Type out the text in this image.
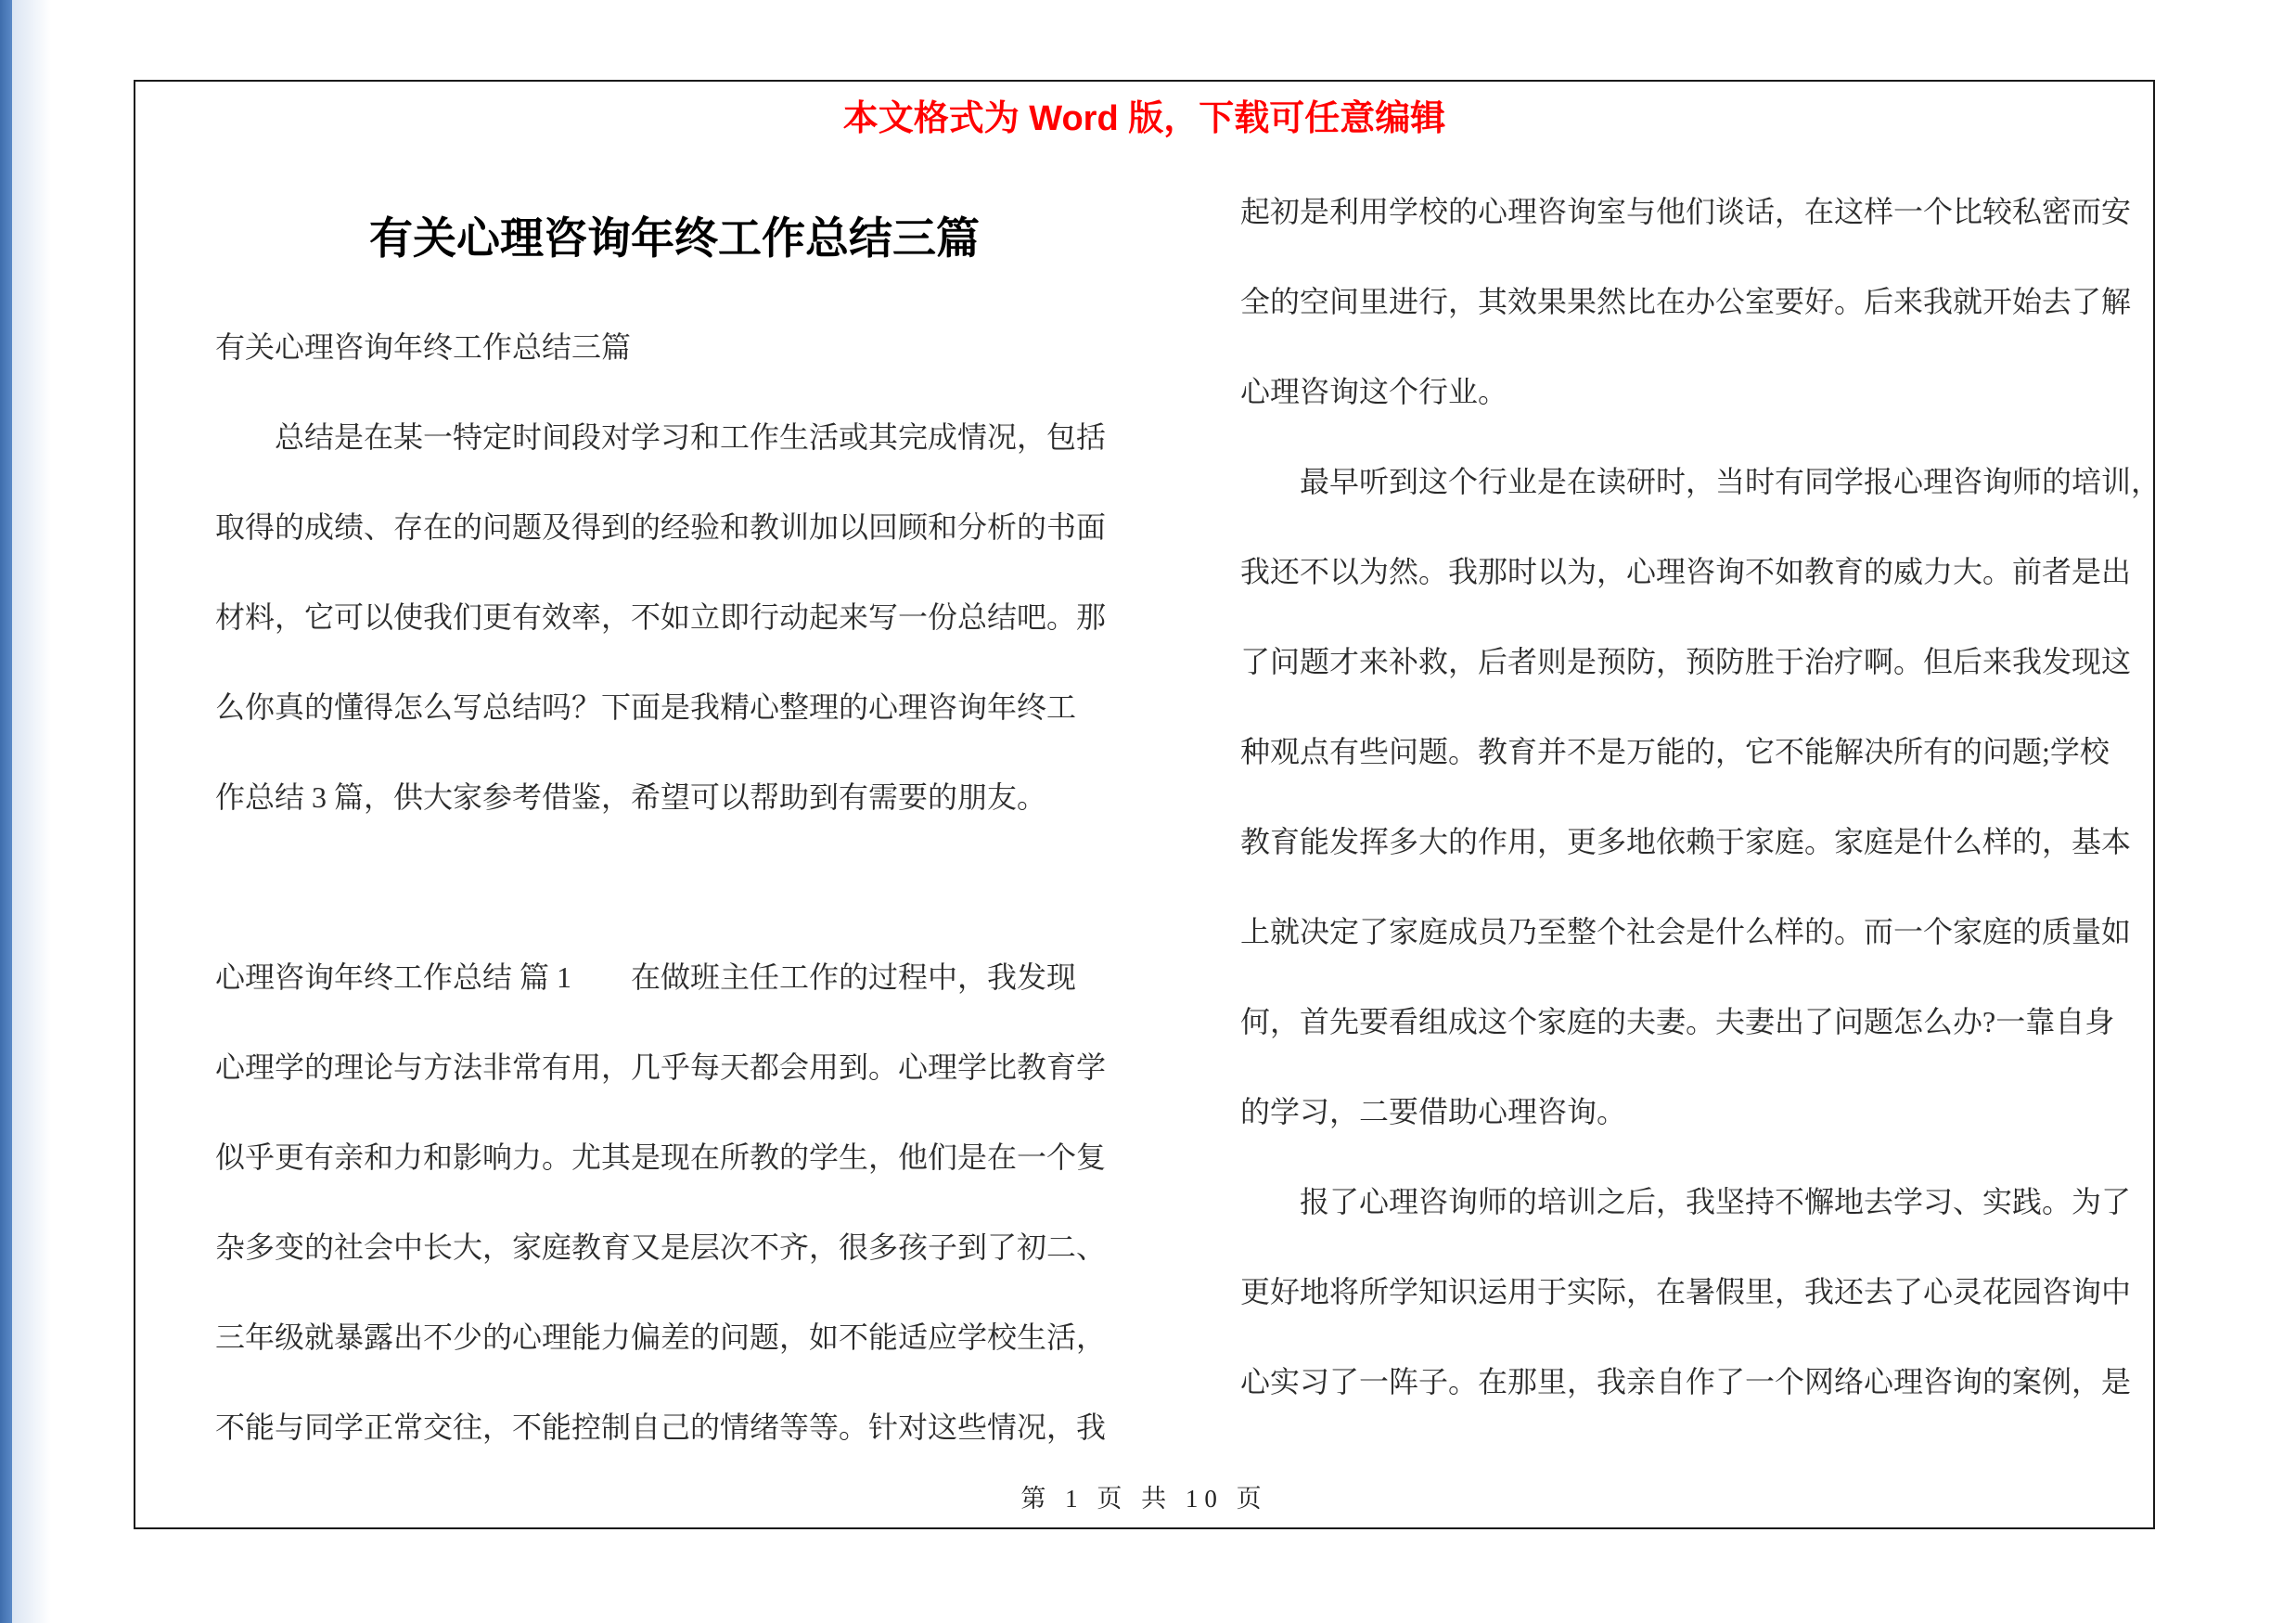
本文格式为 Word 版，下载可任意编辑
有关心理咨询年终工作总结三篇
有关心理咨询年终工作总结三篇
　　总结是在某一特定时间段对学习和工作生活或其完成情况，包括
取得的成绩、存在的问题及得到的经验和教训加以回顾和分析的书面
材料，它可以使我们更有效率，不如立即行动起来写一份总结吧。那
么你真的懂得怎么写总结吗？下面是我精心整理的心理咨询年终工
作总结 3 篇，供大家参考借鉴，希望可以帮助到有需要的朋友。
心理咨询年终工作总结 篇 1　　在做班主任工作的过程中，我发现
心理学的理论与方法非常有用，几乎每天都会用到。心理学比教育学
似乎更有亲和力和影响力。尤其是现在所教的学生，他们是在一个复
杂多变的社会中长大，家庭教育又是层次不齐，很多孩子到了初二、
三年级就暴露出不少的心理能力偏差的问题，如不能适应学校生活，
不能与同学正常交往，不能控制自己的情绪等等。针对这些情况，我
起初是利用学校的心理咨询室与他们谈话，在这样一个比较私密而安
全的空间里进行，其效果果然比在办公室要好。后来我就开始去了解
心理咨询这个行业。
　　最早听到这个行业是在读研时，当时有同学报心理咨询师的培训，
我还不以为然。我那时以为，心理咨询不如教育的威力大。前者是出
了问题才来补救，后者则是预防，预防胜于治疗啊。但后来我发现这
种观点有些问题。教育并不是万能的，它不能解决所有的问题;学校
教育能发挥多大的作用，更多地依赖于家庭。家庭是什么样的，基本
上就决定了家庭成员乃至整个社会是什么样的。而一个家庭的质量如
何，首先要看组成这个家庭的夫妻。夫妻出了问题怎么办?一靠自身
的学习，二要借助心理咨询。
　　报了心理咨询师的培训之后，我坚持不懈地去学习、实践。为了
更好地将所学知识运用于实际，在暑假里，我还去了心灵花园咨询中
心实习了一阵子。在那里，我亲自作了一个网络心理咨询的案例，是
第 1 页 共 10 页
